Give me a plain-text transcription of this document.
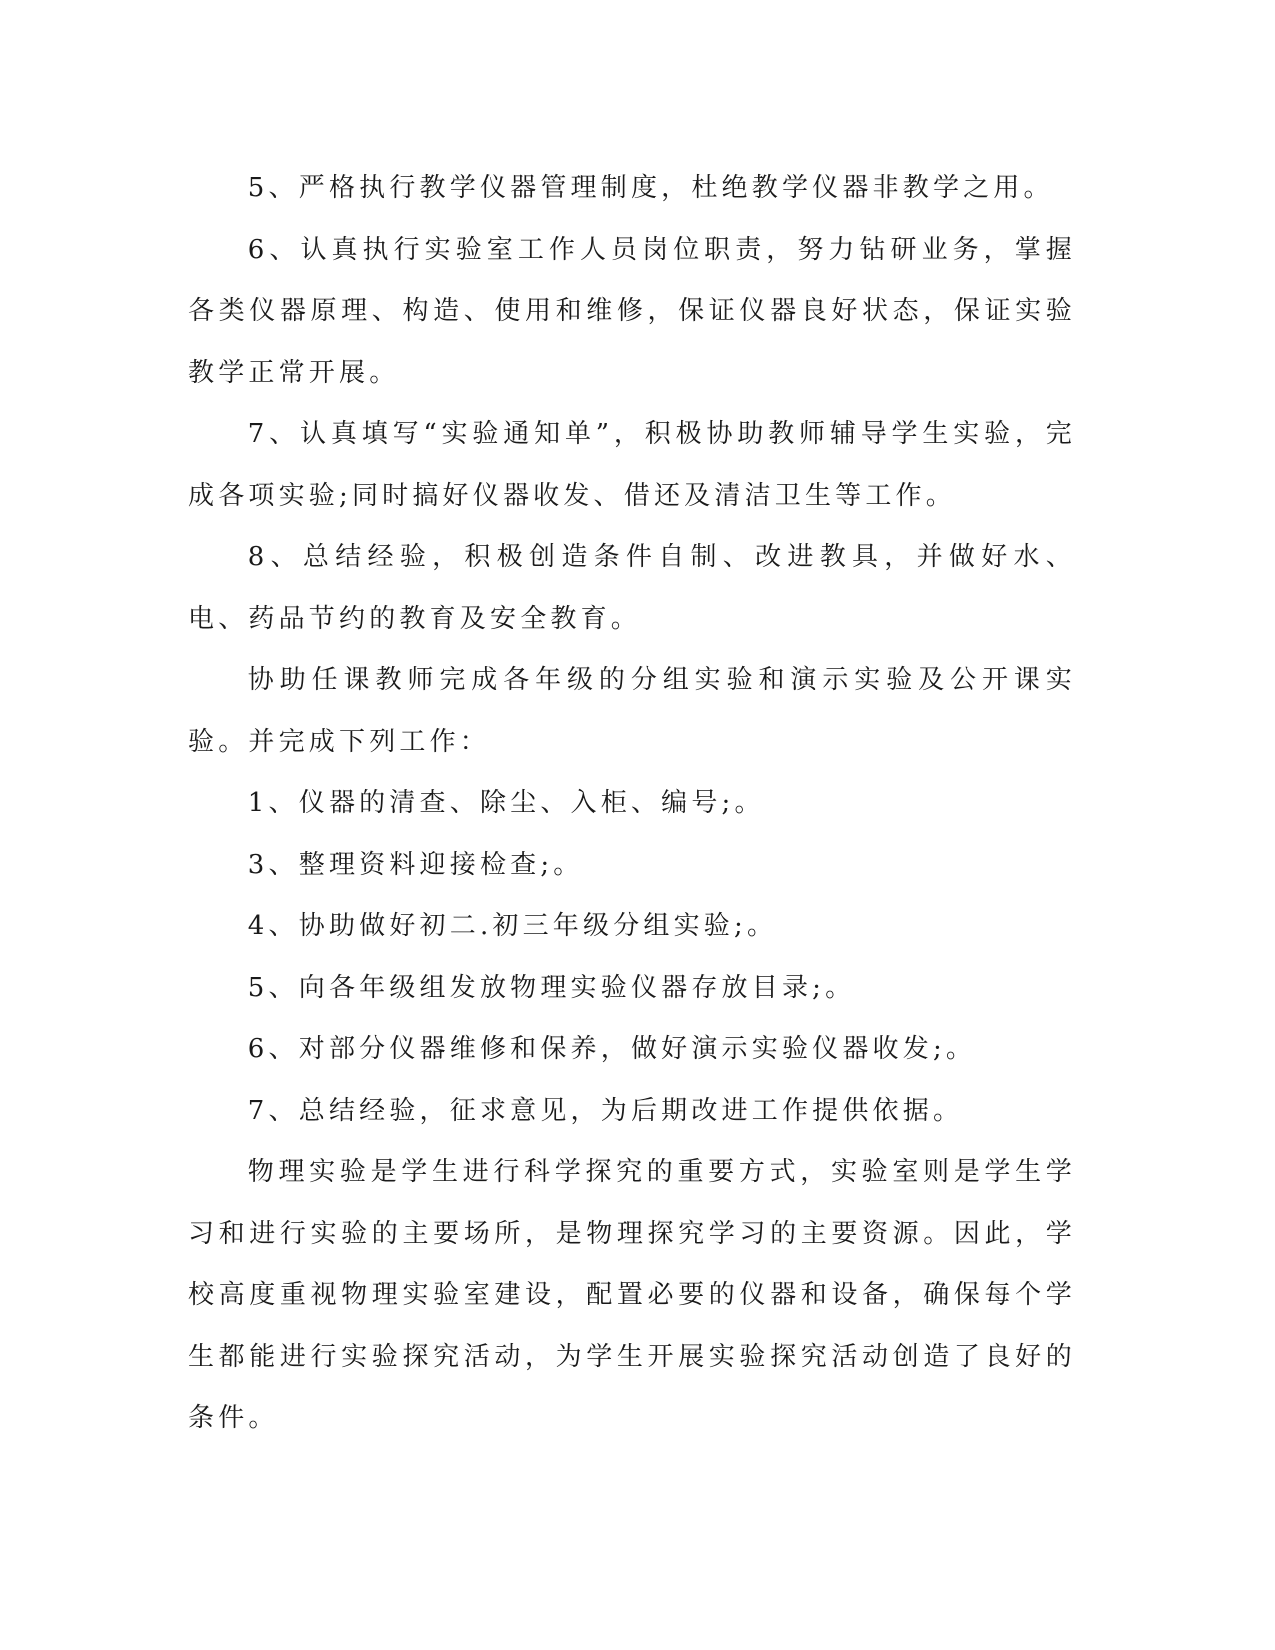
5、严格执行教学仪器管理制度，杜绝教学仪器非教学之用。

6、认真执行实验室工作人员岗位职责，努力钻研业务，掌握各类仪器原理、构造、使用和维修，保证仪器良好状态，保证实验教学正常开展。

7、认真填写“实验通知单”，积极协助教师辅导学生实验，完成各项实验;同时搞好仪器收发、借还及清洁卫生等工作。

8、总结经验，积极创造条件自制、改进教具，并做好水、电、药品节约的教育及安全教育。

协助任课教师完成各年级的分组实验和演示实验及公开课实验。并完成下列工作：

1、仪器的清查、除尘、入柜、编号;。

3、整理资料迎接检查;。

4、协助做好初二.初三年级分组实验;。

5、向各年级组发放物理实验仪器存放目录;。

6、对部分仪器维修和保养，做好演示实验仪器收发;。

7、总结经验，征求意见，为后期改进工作提供依据。

物理实验是学生进行科学探究的重要方式，实验室则是学生学习和进行实验的主要场所，是物理探究学习的主要资源。因此，学校高度重视物理实验室建设，配置必要的仪器和设备，确保每个学生都能进行实验探究活动，为学生开展实验探究活动创造了良好的条件。
